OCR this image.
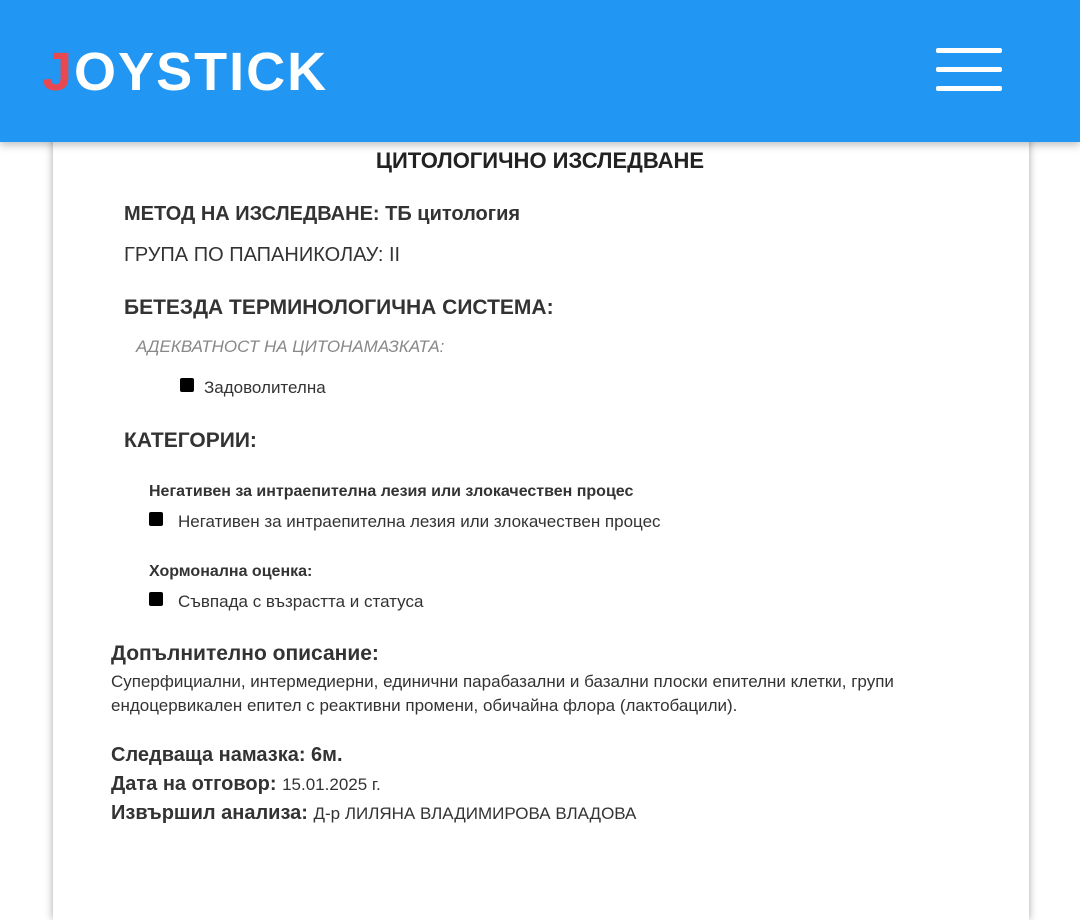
JOYSTICK
ЦИТОЛОГИЧНО ИЗСЛЕДВАНЕ
МЕТОД НА ИЗСЛЕДВАНЕ: ТБ цитология
ГРУПА ПО ПАПАНИКОЛАУ: II
БЕТЕЗДА ТЕРМИНОЛОГИЧНА СИСТЕМА:
АДЕКВАТНОСТ НА ЦИТОНАМАЗКАТА:
Задоволителна
КАТЕГОРИИ:
Негативен за интраепителна лезия или злокачествен процес
Негативен за интраепителна лезия или злокачествен процес
Хормонална оценка:
Съвпада с възрастта и статуса
Допълнително описание:
Суперфициални, интермедиерни, единични парабазални и базални плоски епителни клетки, групи ендоцервикален епител с реактивни промени, обичайна флора (лактобацили).
Следваща намазка: 6м.
Дата на отговор: 15.01.2025 г.
Извършил анализа: Д-р ЛИЛЯНА ВЛАДИМИРОВА ВЛАДОВА
